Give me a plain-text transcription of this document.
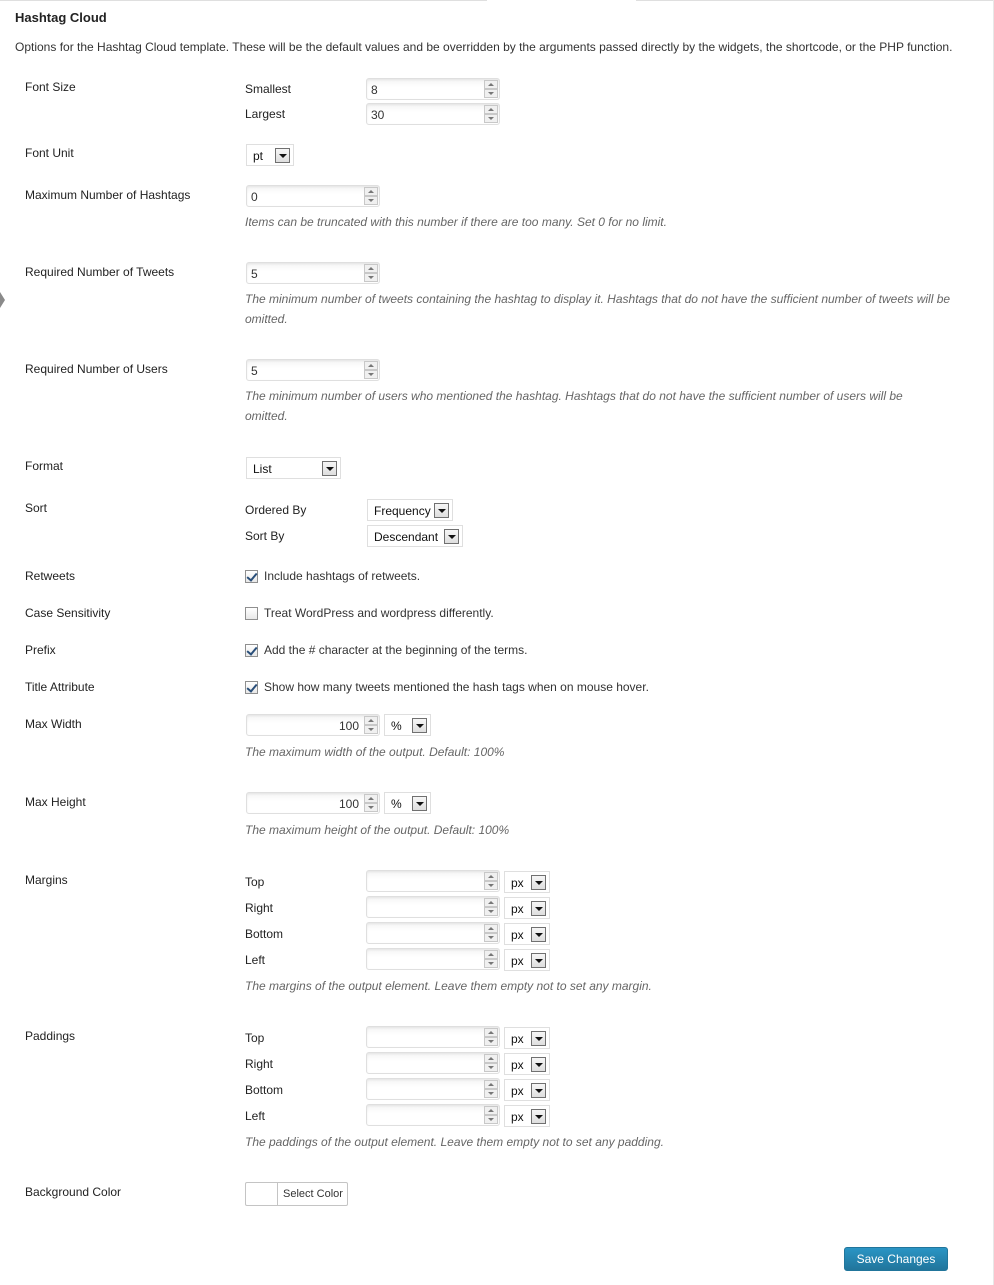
Hashtag Cloud
Options for the Hashtag Cloud template. These will be the default values and be overridden by the arguments passed directly by the widgets, the shortcode, or the PHP function.
Font Size	Smallest	8
Largest	30
Font Unit	pt
Maximum Number of Hashtags	0
Items can be truncated with this number if there are too many. Set 0 for no limit.
Required Number of Tweets	5
The minimum number of tweets containing the hashtag to display it. Hashtags that do not have the sufficient number of tweets will be omitted.
Required Number of Users	5
The minimum number of users who mentioned the hashtag. Hashtags that do not have the sufficient number of users will be omitted.
Format	List
Sort	Ordered By	Frequency
Sort By	Descendant
Retweets	Include hashtags of retweets.
Case Sensitivity	Treat WordPress and wordpress differently.
Prefix	Add the # character at the beginning of the terms.
Title Attribute	Show how many tweets mentioned the hash tags when on mouse hover.
Max Width	100	%
The maximum width of the output. Default: 100%
Max Height	100	%
The maximum height of the output. Default: 100%
Margins	Top	px
Right	px
Bottom	px
Left	px
The margins of the output element. Leave them empty not to set any margin.
Paddings	Top	px
Right	px
Bottom	px
Left	px
The paddings of the output element. Leave them empty not to set any padding.
Background Color	Select Color
Save Changes
